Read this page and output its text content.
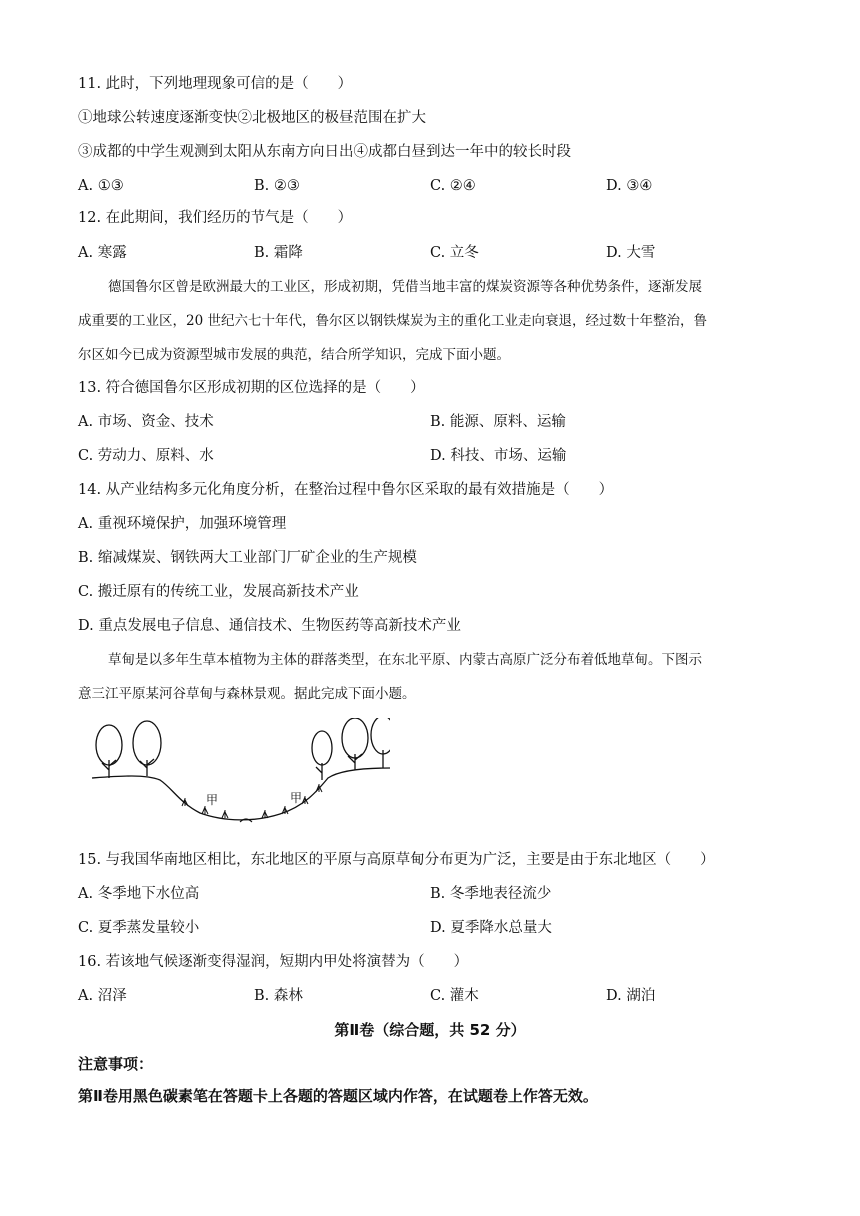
11. 此时，下列地理现象可信的是（　　）
①地球公转速度逐渐变快②北极地区的极昼范围在扩大
③成都的中学生观测到太阳从东南方向日出④成都白昼到达一年中的较长时段
A. ①③	B. ②③	C. ②④	D. ③④
12. 在此期间，我们经历的节气是（　　）
A. 寒露	B. 霜降	C. 立冬	D. 大雪
德国鲁尔区曾是欧洲最大的工业区，形成初期，凭借当地丰富的煤炭资源等各种优势条件，逐渐发展
成重要的工业区，20 世纪六七十年代，鲁尔区以钢铁煤炭为主的重化工业走向衰退，经过数十年整治，鲁
尔区如今已成为资源型城市发展的典范，结合所学知识，完成下面小题。
13. 符合德国鲁尔区形成初期的区位选择的是（　　）
A. 市场、资金、技术	B. 能源、原料、运输
C. 劳动力、原料、水	D. 科技、市场、运输
14. 从产业结构多元化角度分析，在整治过程中鲁尔区采取的最有效措施是（　　）
A. 重视环境保护，加强环境管理
B. 缩减煤炭、钢铁两大工业部门厂矿企业的生产规模
C. 搬迁原有的传统工业，发展高新技术产业
D. 重点发展电子信息、通信技术、生物医药等高新技术产业
草甸是以多年生草本植物为主体的群落类型，在东北平原、内蒙古高原广泛分布着低地草甸。下图示
意三江平原某河谷草甸与森林景观。据此完成下面小题。
甲	甲
15. 与我国华南地区相比，东北地区的平原与高原草甸分布更为广泛，主要是由于东北地区（　　）
A. 冬季地下水位高	B. 冬季地表径流少
C. 夏季蒸发量较小	D. 夏季降水总量大
16. 若该地气候逐渐变得湿润，短期内甲处将演替为（　　）
A. 沼泽	B. 森林	C. 灌木	D. 湖泊
第Ⅱ卷（综合题，共 52 分）
注意事项：
第Ⅱ卷用黑色碳素笔在答题卡上各题的答题区域内作答，在试题卷上作答无效。
